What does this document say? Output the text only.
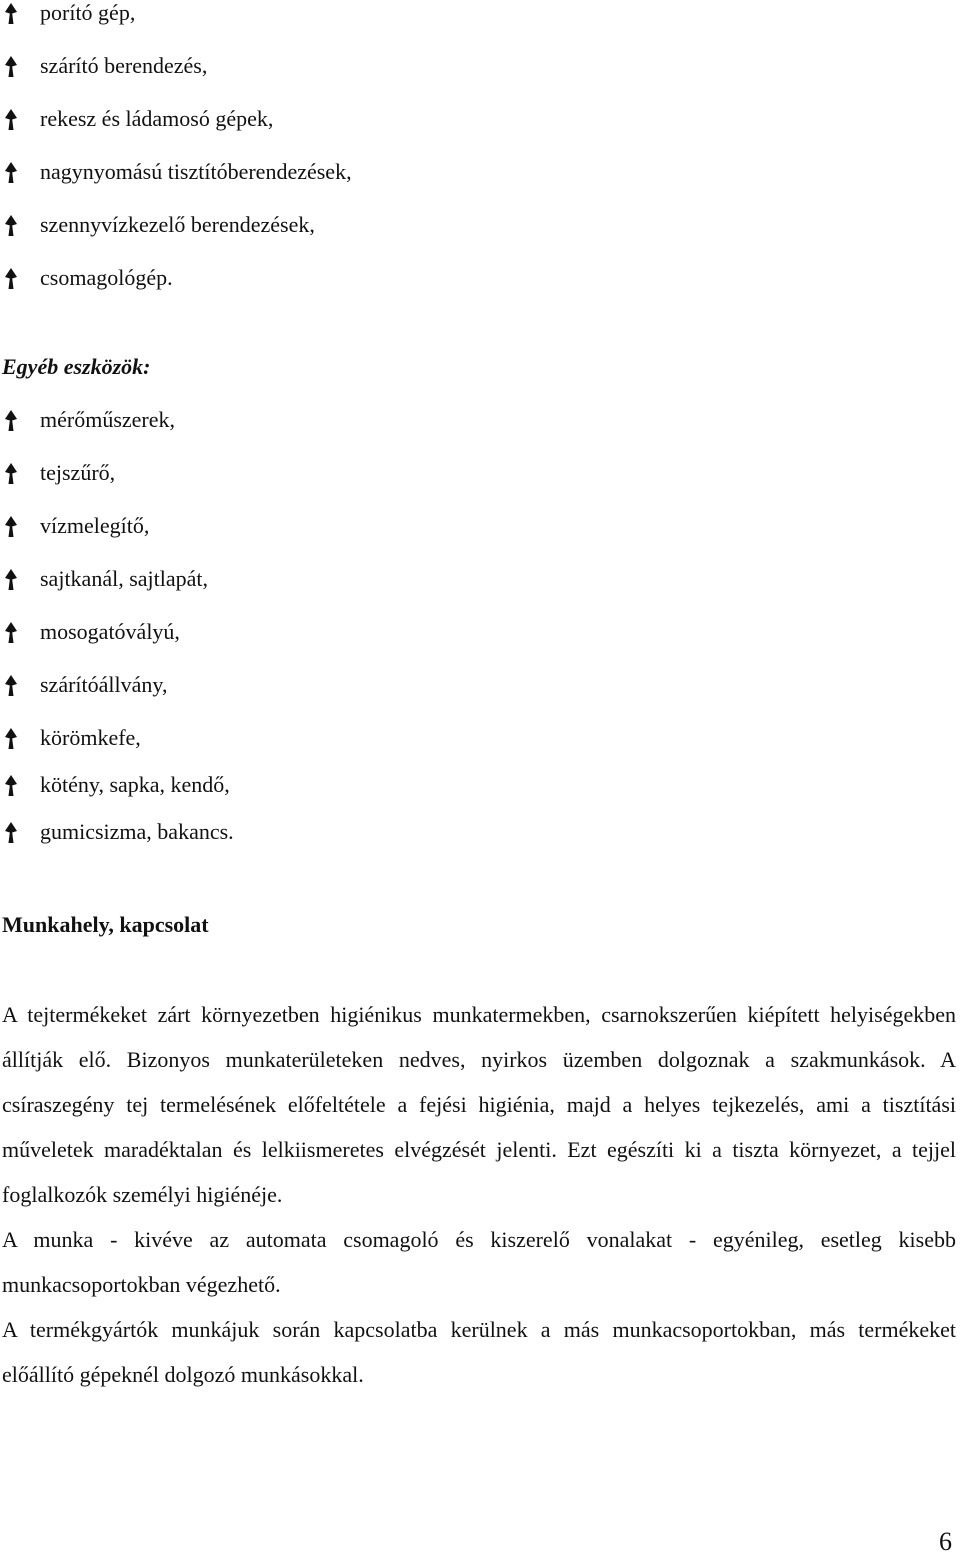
porító gép,
szárító berendezés,
rekesz és ládamosó gépek,
nagynyomású tisztítóberendezések,
szennyvízkezelő berendezések,
csomagológép.
Egyéb eszközök:
mérőműszerek,
tejszűrő,
vízmelegítő,
sajtkanál, sajtlapát,
mosogatóvályú,
szárítóállvány,
körömkefe,
kötény, sapka, kendő,
gumicsizma, bakancs.
Munkahely, kapcsolat

A tejtermékeket zárt környezetben higiénikus munkatermekben, csarnokszerűen kiépített helyiségekben állítják elő. Bizonyos munkaterületeken nedves, nyirkos üzemben dolgoznak a szakmunkások. A csíraszegény tej termelésének előfeltétele a fejési higiénia, majd a helyes tejkezelés, ami a tisztítási műveletek maradéktalan és lelkiismeretes elvégzését jelenti. Ezt egészíti ki a tiszta környezet, a tejjel foglalkozók személyi higiénéje.

A munka - kivéve az automata csomagoló és kiszerelő vonalakat - egyénileg, esetleg kisebb munkacsoportokban végezhető.

A termékgyártók munkájuk során kapcsolatba kerülnek a más munkacsoportokban, más termékeket előállító gépeknél dolgozó munkásokkal.

6
